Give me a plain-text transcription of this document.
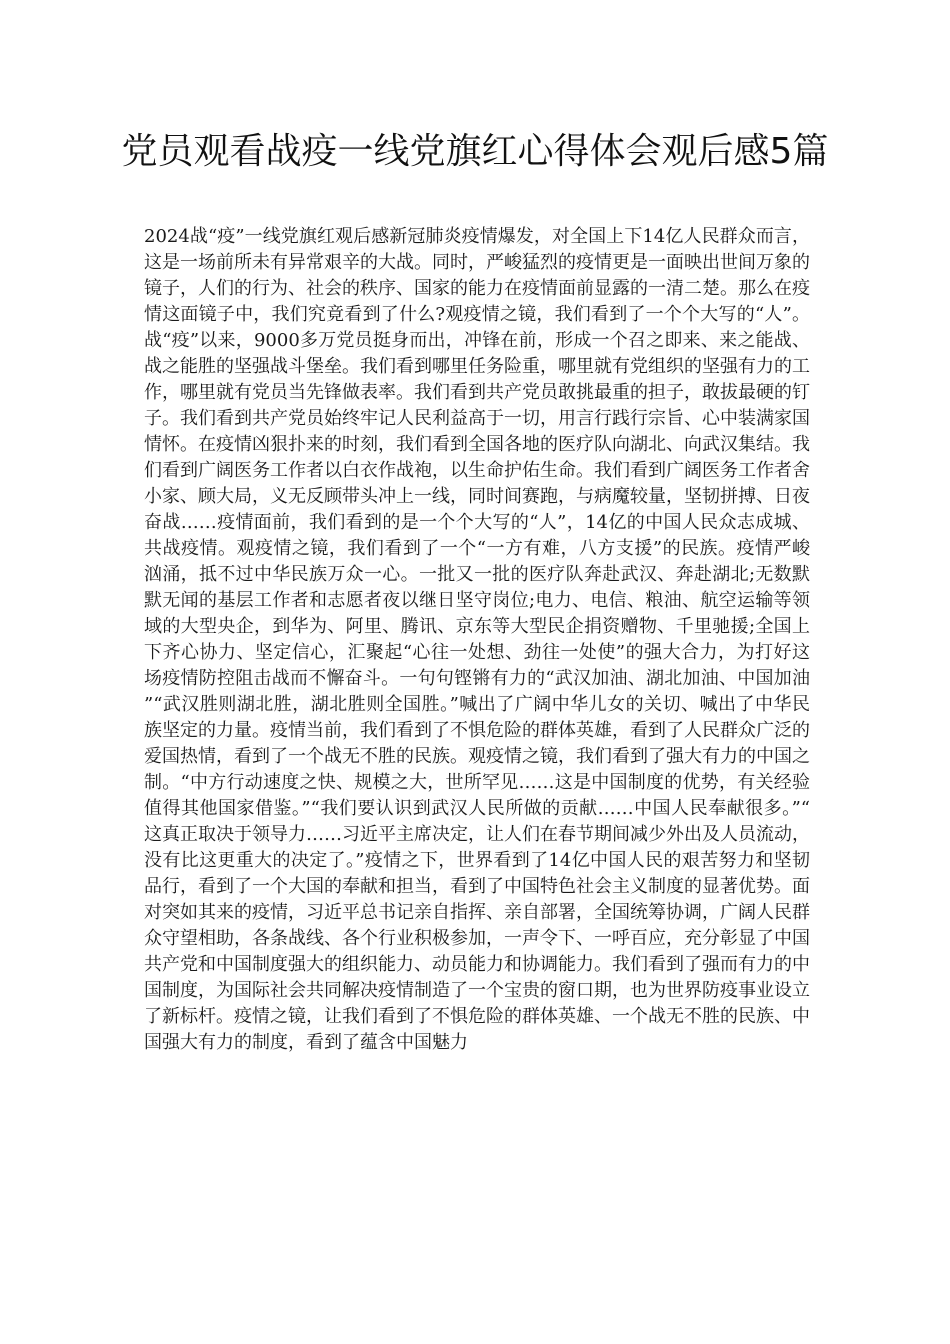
党员观看战疫一线党旗红心得体会观后感5篇

2024战“疫”一线党旗红观后感新冠肺炎疫情爆发，对全国上下14亿人民群众而言，这是一场前所未有异常艰辛的大战。同时，严峻猛烈的疫情更是一面映出世间万象的镜子，人们的行为、社会的秩序、国家的能力在疫情面前显露的一清二楚。那么在疫情这面镜子中，我们究竟看到了什么?观疫情之镜，我们看到了一个个大写的“人”。战“疫”以来，9000多万党员挺身而出，冲锋在前，形成一个召之即来、来之能战、战之能胜的坚强战斗堡垒。我们看到哪里任务险重，哪里就有党组织的坚强有力的工作，哪里就有党员当先锋做表率。我们看到共产党员敢挑最重的担子，敢拔最硬的钉子。我们看到共产党员始终牢记人民利益高于一切，用言行践行宗旨、心中装满家国情怀。在疫情凶狠扑来的时刻，我们看到全国各地的医疗队向湖北、向武汉集结。我们看到广阔医务工作者以白衣作战袍，以生命护佑生命。我们看到广阔医务工作者舍小家、顾大局，义无反顾带头冲上一线，同时间赛跑，与病魔较量，坚韧拼搏、日夜奋战……疫情面前，我们看到的是一个个大写的“人”，14亿的中国人民众志成城、共战疫情。观疫情之镜，我们看到了一个“一方有难，八方支援”的民族。疫情严峻汹涌，抵不过中华民族万众一心。一批又一批的医疗队奔赴武汉、奔赴湖北;无数默默无闻的基层工作者和志愿者夜以继日坚守岗位;电力、电信、粮油、航空运输等领域的大型央企，到华为、阿里、腾讯、京东等大型民企捐资赠物、千里驰援;全国上下齐心协力、坚定信心，汇聚起“心往一处想、劲往一处使”的强大合力，为打好这场疫情防控阻击战而不懈奋斗。一句句铿锵有力的“武汉加油、湖北加油、中国加油”“武汉胜则湖北胜，湖北胜则全国胜。”喊出了广阔中华儿女的关切、喊出了中华民族坚定的力量。疫情当前，我们看到了不惧危险的群体英雄，看到了人民群众广泛的爱国热情，看到了一个战无不胜的民族。观疫情之镜，我们看到了强大有力的中国之制。“中方行动速度之快、规模之大，世所罕见……这是中国制度的优势，有关经验值得其他国家借鉴。”“我们要认识到武汉人民所做的贡献……中国人民奉献很多。”“这真正取决于领导力……习近平主席决定，让人们在春节期间减少外出及人员流动，没有比这更重大的决定了。”疫情之下，世界看到了14亿中国人民的艰苦努力和坚韧品行，看到了一个大国的奉献和担当，看到了中国特色社会主义制度的显著优势。面对突如其来的疫情，习近平总书记亲自指挥、亲自部署，全国统筹协调，广阔人民群众守望相助，各条战线、各个行业积极参加，一声令下、一呼百应，充分彰显了中国共产党和中国制度强大的组织能力、动员能力和协调能力。我们看到了强而有力的中国制度，为国际社会共同解决疫情制造了一个宝贵的窗口期，也为世界防疫事业设立了新标杆。疫情之镜，让我们看到了不惧危险的群体英雄、一个战无不胜的民族、中国强大有力的制度，看到了蕴含中国魅力
